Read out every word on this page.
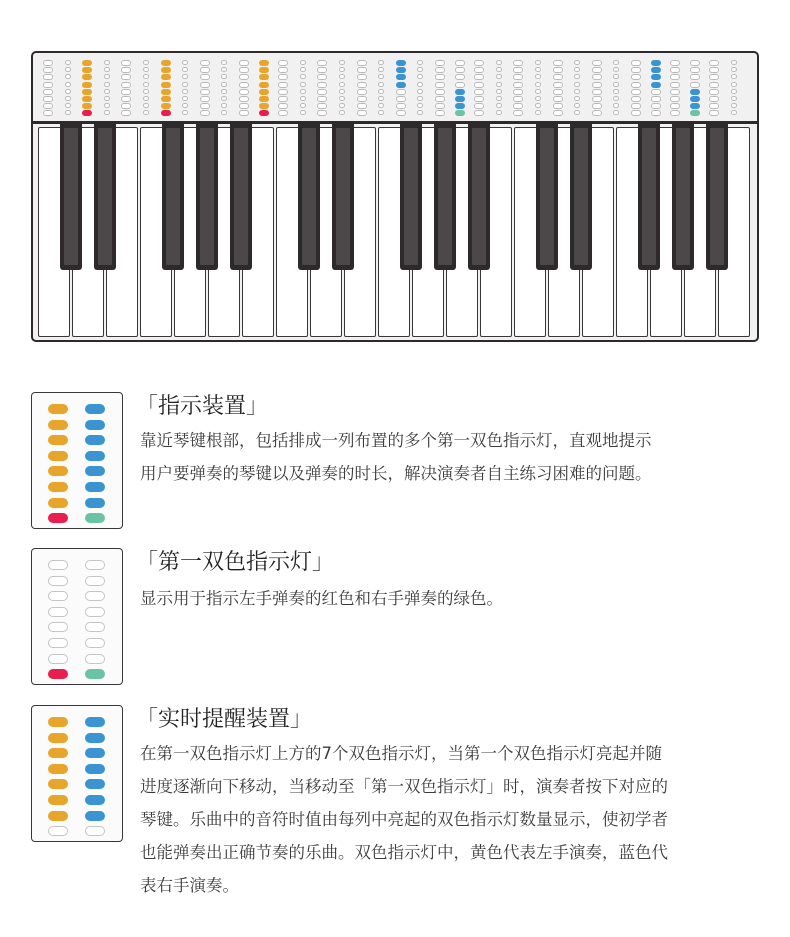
「指示装置」
靠近琴键根部，包括排成一列布置的多个第一双色指示灯，直观地提示
用户要弹奏的琴键以及弹奏的时长，解决演奏者自主练习困难的问题。
「第一双色指示灯」
显示用于指示左手弹奏的红色和右手弹奏的绿色。
「实时提醒装置」
在第一双色指示灯上方的7个双色指示灯，当第一个双色指示灯亮起并随
进度逐渐向下移动，当移动至「第一双色指示灯」时，演奏者按下对应的
琴键。乐曲中的音符时值由每列中亮起的双色指示灯数量显示，使初学者
也能弹奏出正确节奏的乐曲。双色指示灯中，黄色代表左手演奏，蓝色代
表右手演奏。
